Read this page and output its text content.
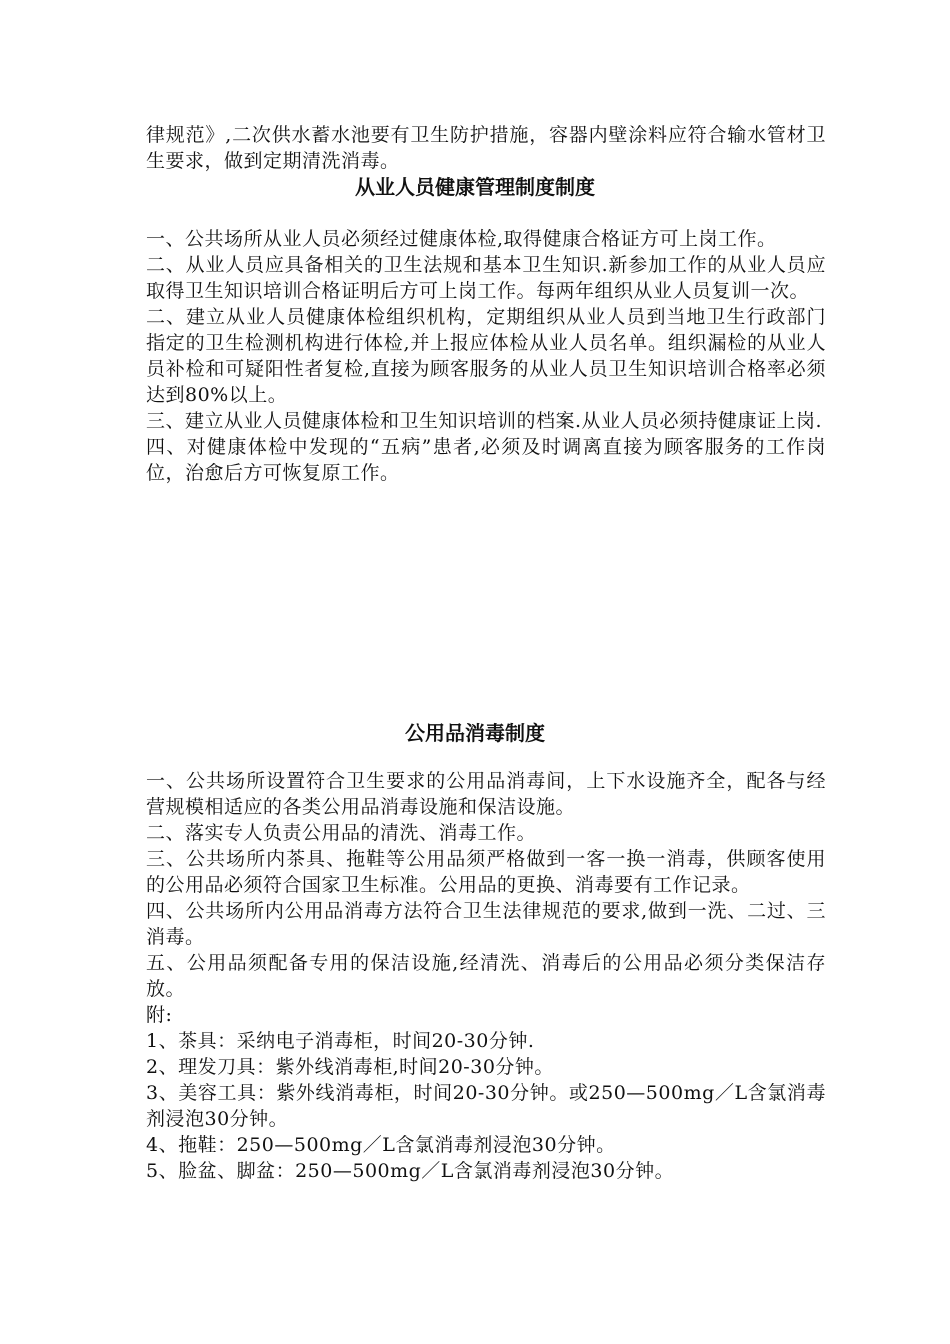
律规范》,二次供水蓄水池要有卫生防护措施，容器内壁涂料应符合输水管材卫生要求，做到定期清洗消毒。

从业人员健康管理制度制度

一、公共场所从业人员必须经过健康体检,取得健康合格证方可上岗工作。

二、从业人员应具备相关的卫生法规和基本卫生知识.新参加工作的从业人员应取得卫生知识培训合格证明后方可上岗工作。每两年组织从业人员复训一次。

二、建立从业人员健康体检组织机构，定期组织从业人员到当地卫生行政部门指定的卫生检测机构进行体检,并上报应体检从业人员名单。组织漏检的从业人员补检和可疑阳性者复检,直接为顾客服务的从业人员卫生知识培训合格率必须达到80%以上。

三、建立从业人员健康体检和卫生知识培训的档案.从业人员必须持健康证上岗.

四、对健康体检中发现的“五病”患者,必须及时调离直接为顾客服务的工作岗位，治愈后方可恢复原工作。

公用品消毒制度

一、公共场所设置符合卫生要求的公用品消毒间，上下水设施齐全，配各与经营规模相适应的各类公用品消毒设施和保洁设施。

二、落实专人负责公用品的清洗、消毒工作。

三、公共场所内茶具、拖鞋等公用品须严格做到一客一换一消毒，供顾客使用的公用品必须符合国家卫生标准。公用品的更换、消毒要有工作记录。

四、公共场所内公用品消毒方法符合卫生法律规范的要求,做到一洗、二过、三消毒。

五、公用品须配备专用的保洁设施,经清洗、消毒后的公用品必须分类保洁存放。

附:

1、茶具：采纳电子消毒柜，时间20-30分钟.

2、理发刀具：紫外线消毒柜,时间20-30分钟。

3、美容工具：紫外线消毒柜，时间20-30分钟。或250—500mg／L含氯消毒剂浸泡30分钟。

4、拖鞋：250—500mg／L含氯消毒剂浸泡30分钟。

5、脸盆、脚盆：250—500mg／L含氯消毒剂浸泡30分钟。
